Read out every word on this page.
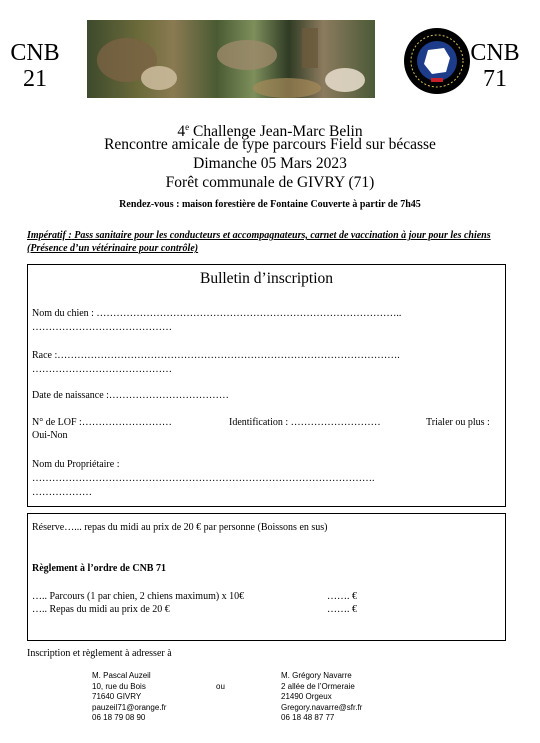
CNB
21
CNB
71
4e Challenge Jean-Marc Belin
Rencontre amicale de type parcours Field sur bécasse
Dimanche 05 Mars 2023
Forêt communale de GIVRY (71)
Rendez-vous : maison forestière de Fontaine Couverte à partir de 7h45
Impératif : Pass sanitaire pour les conducteurs et accompagnateurs, carnet de vaccination à jour pour les chiens (Présence d’un vétérinaire pour contrôle)
Bulletin d’inscription
Nom du chien : ………………………………………………………………………………..
……………………………………
Race :………………………………………………………………………………………….
……………………………………
Date de naissance :………………………………
N° de LOF :………………………	Identification : ………………………	Trialer ou plus :
Oui-Non
Nom du Propriétaire :
………………………………………………………………………………………….
………………
Réserve…... repas du midi au prix de 20 € par personne (Boissons en sus)
Règlement à l’ordre de CNB 71
….. Parcours (1 par chien, 2 chiens maximum) x 10€	……. €
….. Repas du midi au prix de 20 €	……. €
Inscription et règlement à adresser à
M. Pascal Auzeil
10, rue du Bois
71640 GIVRY
pauzeil71@orange.fr
06 18 79 08 90
ou
M. Grégory Navarre
2 allée de l’Ormeraie
21490 Orgeux
Gregory.navarre@sfr.fr
06 18 48 87 77
